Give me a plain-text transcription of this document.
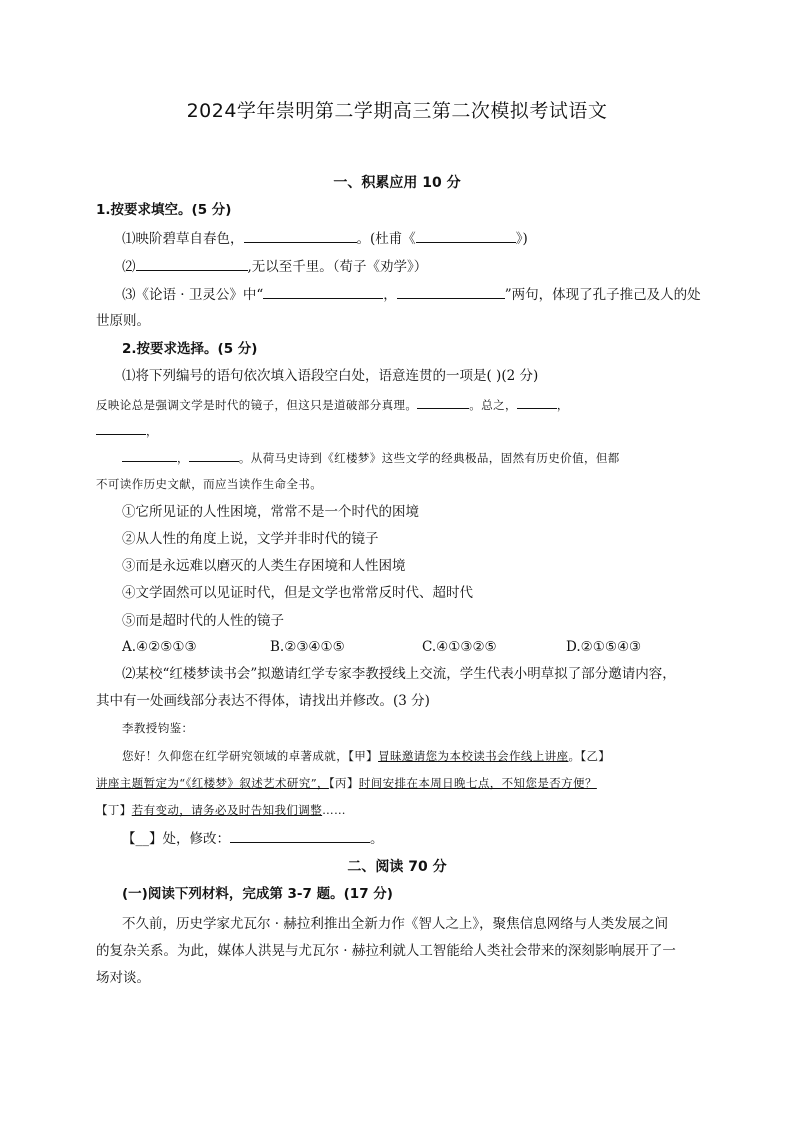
2024学年崇明第二学期高三第二次模拟考试语文
一、积累应用 10 分
1.按要求填空。(5 分)
⑴映阶碧草自春色，	。(杜甫《	》)
⑵	,无以至千里。（荀子《劝学》）
⑶《论语 · 卫灵公》中“	，	”两句，体现了孔子推己及人的处
世原则。
2.按要求选择。(5 分)
⑴将下列编号的语句依次填入语段空白处，语意连贯的一项是( )(2 分)
反映论总是强调文学是时代的镜子，但这只是道破部分真理。	。总之，	，
，
，	。从荷马史诗到《红楼梦》这些文学的经典极品，固然有历史价值，但都
不可读作历史文献，而应当读作生命全书。
①它所见证的人性困境，常常不是一个时代的困境
②从人性的角度上说，文学并非时代的镜子
③而是永远难以磨灭的人类生存困境和人性困境
④文学固然可以见证时代，但是文学也常常反时代、超时代
⑤而是超时代的人性的镜子
A.④②⑤①③	B.②③④①⑤	C.④①③②⑤	D.②①⑤④③
⑵某校“红楼梦读书会”拟邀请红学专家李教授线上交流，学生代表小明草拟了部分邀请内容，
其中有一处画线部分表达不得体，请找出并修改。(3 分)
李教授钧鉴：
您好！久仰您在红学研究领域的卓著成就，【甲】冒昧邀请您为本校读书会作线上讲座。【乙】
讲座主题暂定为“《红楼梦》叙述艺术研究”，【丙】时间安排在本周日晚七点，不知您是否方便？
【丁】若有变动，请务必及时告知我们调整……
【__】处，修改：	。
二、阅读 70 分
(一)阅读下列材料，完成第 3-7 题。(17 分)
不久前，历史学家尤瓦尔 · 赫拉利推出全新力作《智人之上》，聚焦信息网络与人类发展之间
的复杂关系。为此，媒体人洪晃与尤瓦尔 · 赫拉利就人工智能给人类社会带来的深刻影响展开了一
场对谈。
